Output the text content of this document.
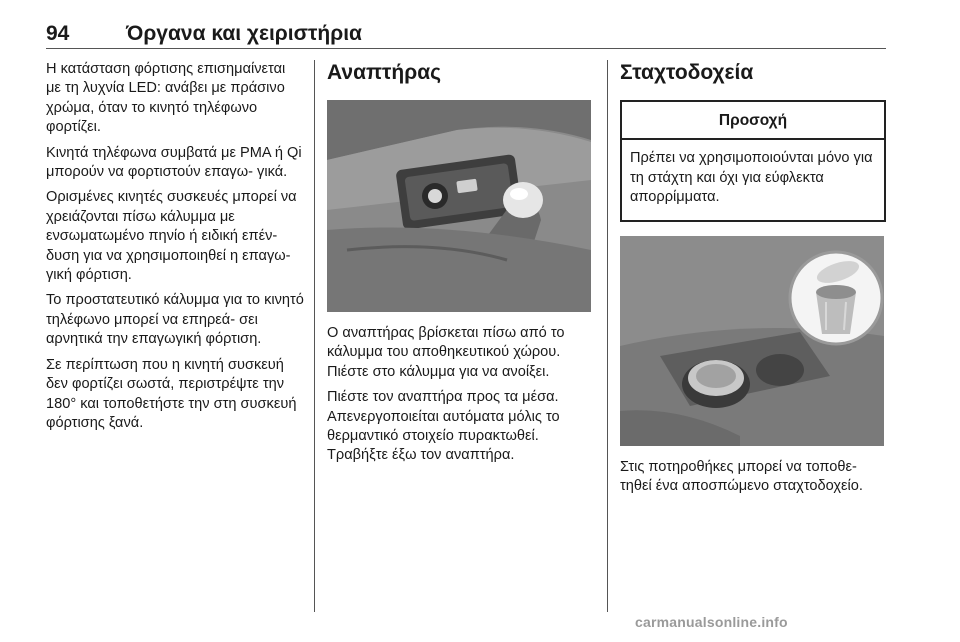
94	Όργανα και χειριστήρια

Η κατάσταση φόρτισης επισημαίνεται με τη λυχνία LED: ανάβει με πράσινο χρώμα, όταν το κινητό τηλέφωνο φορτίζει.

Κινητά τηλέφωνα συμβατά με PMA ή Qi μπορούν να φορτιστούν επαγω- γικά.

Ορισμένες κινητές συσκευές μπορεί να χρειάζονται πίσω κάλυμμα με ενσωματωμένο πηνίο ή ειδική επέν- δυση για να χρησιμοποιηθεί η επαγω- γική φόρτιση.

Το προστατευτικό κάλυμμα για το κινητό τηλέφωνο μπορεί να επηρεά- σει αρνητικά την επαγωγική φόρτιση.

Σε περίπτωση που η κινητή συσκευή δεν φορτίζει σωστά, περιστρέψτε την 180° και τοποθετήστε την στη συσκευή φόρτισης ξανά.

Αναπτήρας

Ο αναπτήρας βρίσκεται πίσω από το κάλυμμα του αποθηκευτικού χώρου. Πιέστε στο κάλυμμα για να ανοίξει.

Πιέστε τον αναπτήρα προς τα μέσα. Απενεργοποιείται αυτόματα μόλις το θερμαντικό στοιχείο πυρακτωθεί. Τραβήξτε έξω τον αναπτήρα.

Σταχτοδοχεία
Προσοχή
Πρέπει να χρησιμοποιούνται μόνο για τη στάχτη και όχι για εύφλεκτα απορρίμματα.

Στις ποτηροθήκες μπορεί να τοποθε- τηθεί ένα αποσπώμενο σταχτοδοχείο.

carmanualsonline.info
